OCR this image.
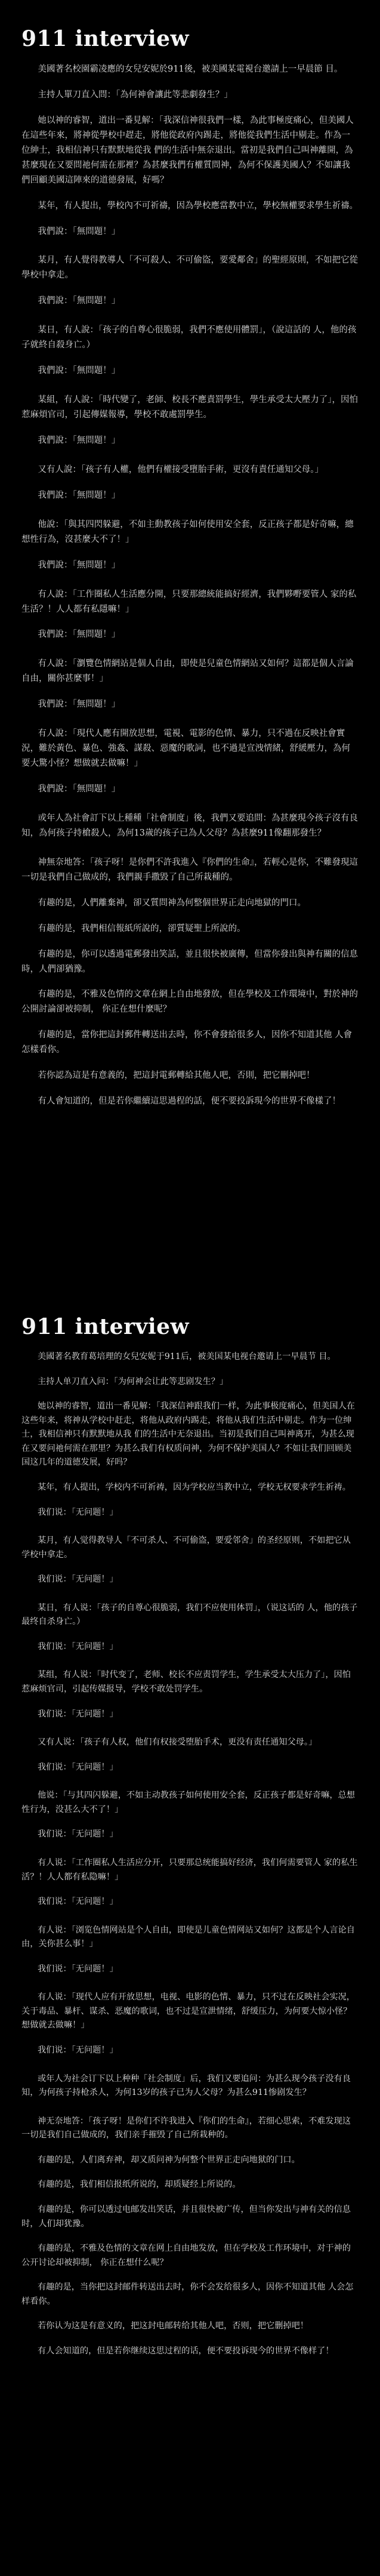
911 interview

美國著名校園霸凌應的女兒安妮於911後，被美國某電視台邀請上一早晨節 目。

主持人單刀直入問：「為何神會讓此等悲劇發生？」

她以神的睿智，道出一番見解：「我深信神很我們一樣，為此事極度痛心，但美國人在這些年來，將神從學校中趕走，將他從政府內踢走，將他從我們生活中剔走。作為一位紳士，我相信神只有默默地從我 們的生活中無奈退出。當初是我們自己叫神離開，為甚麼現在又要問祂何需在那裡？為甚麼我們有權質問神，為何不保護美國人？不如讓我們回顧美國這陣來的道德發展，好嗎？

某年，有人提出，學校內不可祈禱，因為學校應當教中立，學校無權要求學生祈禱。

我們說：「無問題！」

某月，有人覺得教導人「不可殺人、不可偷盜，要愛鄰舍」的聖經原則，不如把它從學校中拿走。

我們說：「無問題！」

某日，有人說：「孩子的自尊心很脆弱，我們不應使用體罰」，（說這話的 人，他的孩子就終自殺身亡。）

我們說：「無問題！」

某組，有人說：「時代變了，老師、校長不應責罰學生，學生承受太大壓力了」，因怕惹麻煩官司，引起傳媒報導，學校不敢處罰學生。

我們說：「無問題！」

又有人說：「孩子有人權，他們有權接受墮胎手術，更沒有責任通知父母。」

我們說：「無問題！」

他說：「與其四閃躲避，不如主動教孩子如何使用安全套，反正孩子都是好奇嘛，總想性行為，沒甚麼大不了！」

我們說：「無問題！」

有人說：「工作圈私人生活應分開，只要那總統能搞好經濟，我們夥嘢要管人 家的私生活？！人人都有私隱嘛！」

我們說：「無問題！」

有人說：「瀏覽色情網站是個人自由，即使是兒童色情網站又如何？這都是個人言論自由，關你甚麼事！」

我們說：「無問題！」

有人說：「現代人應有開放思想，電視、電影的色情、暴力，只不過在反映社會實況，難於黃色、暴色、強姦、謀殺、惡魔的歌詞，也不過是宣洩情緒，舒緩壓力，為何要大驚小怪？想做就去做嘛！」

我們說：「無問題！」

或年人為社會訂下以上種種「社會制度」後，我們又要追問：為甚麼現今孩子沒有良知，為何孩子持槍殺人，為何13歲的孩子已為人父母？為甚麼911像翻那發生？

神無奈地答：「孩子呀！是你們不許我進入『你們的生命』，若輕心是你，不難發現這一切是我們自己做成的，我們親手撒毀了自己所栽種的。

有趣的是，人們離棄神，卻又質問神為何整個世界正走向地獄的門口。

有趣的是，我們相信報紙所說的，卻質疑聖上所說的。

有趣的是，你可以透過電郵發出笑話，並且很快被廣傳，但當你發出與神有關的信息時，人們卻猶豫。

有趣的是，不雅及色情的文章在網上自由地發放，但在學校及工作環境中，對於神的公開討論卻被抑制， 你正在想什麼呢？

有趣的是，當你把這封郵件轉送出去時，你不會發給很多人，因你不知道其他 人會怎樣看你。

若你認為這是有意義的，把這封電郵轉給其他人吧，否則，把它刪掉吧！

有人會知道的，但是若你繼續這思過程的話，便不要投訴現今的世界不像樣了！

911 interview

美國著名教育葛培理的女兒安妮于911后，被美国某电视台邀请上一早晨节 目。

主持人单刀直入问：「为何神会让此等悲剧发生？」

她以神的睿智，道出一番见解：「我深信神跟我们一样，为此事极度痛心，但美国人在这些年来，将神从学校中赶走，将他从政府内踢走，将他从我们生活中剔走。作为一位绅士，我相信神只有默默地从我 们的生活中无奈退出。当初是我们自己叫神离开，为甚么现在又要问祂何需在那里？为甚么我们有权质问神，为何不保护美国人？不如让我们回顾美国这几年的道德发展，好吗？

某年，有人提出，学校内不可祈祷，因为学校应当教中立，学校无权要求学生祈祷。

我们说：「无问题！」

某月，有人觉得教导人「不可杀人、不可偷盗，要爱邻舍」的圣经原则，不如把它从学校中拿走。

我们说：「无问题！」

某日，有人说：「孩子的自尊心很脆弱，我们不应使用体罚」，（说这话的 人，他的孩子最终自杀身亡。）

我们说：「无问题！」

某组，有人说：「时代变了，老师、校长不应责罚学生，学生承受太大压力了」，因怕惹麻烦官司，引起传媒报导，学校不敢处罚学生。

我们说：「无问题！」

又有人说：「孩子有人权，他们有权接受堕胎手术，更没有责任通知父母。」

我们说：「无问题！」

他说：「与其四闪躲避，不如主动教孩子如何使用安全套，反正孩子都是好奇嘛，总想性行为，没甚么大不了！」

我们说：「无问题！」

有人说：「工作圈私人生活应分开，只要那总统能搞好经济，我们何需要管人 家的私生活？！人人都有私隐嘛！」

我们说：「无问题！」

有人说：「浏览色情网站是个人自由，即使是儿童色情网站又如何？这都是个人言论自由，关你甚么事！」

我们说：「无问题！」

有人说：「现代人应有开放思想，电视、电影的色情、暴力，只不过在反映社会实况，关于毒品、暴杆、谋杀、恶魔的歌词，也不过是宣泄情绪，舒缓压力，为何要大惊小怪？想做就去做嘛！」

我们说：「无问题！」

或年人为社会订下以上种种「社会制度」后，我们又要追问：为甚么现今孩子没有良知，为何孩子持枪杀人，为何13岁的孩子已为人父母？为甚么911惨剧发生？

神无奈地答：「孩子呀！是你们不许我进入『你们的生命』，若细心思索，不难发现这一切是我们自己做成的，我们亲手摧毁了自己所栽种的。

有趣的是，人们离弃神，却又质问神为何整个世界正走向地狱的门口。

有趣的是，我们相信报纸所说的，却质疑经上所说的。

有趣的是，你可以透过电邮发出笑话，并且很快被广传，但当你发出与神有关的信息时，人们却犹豫。

有趣的是，不雅及色情的文章在网上自由地发放，但在学校及工作环境中，对于神的公开讨论却被抑制， 你正在想什么呢？

有趣的是，当你把这封邮件转送出去时，你不会发给很多人，因你不知道其他 人会怎样看你。

若你认为这是有意义的，把这封电邮转给其他人吧，否则，把它删掉吧！

有人会知道的，但是若你继续这思过程的话，便不要投诉现今的世界不像样了！
